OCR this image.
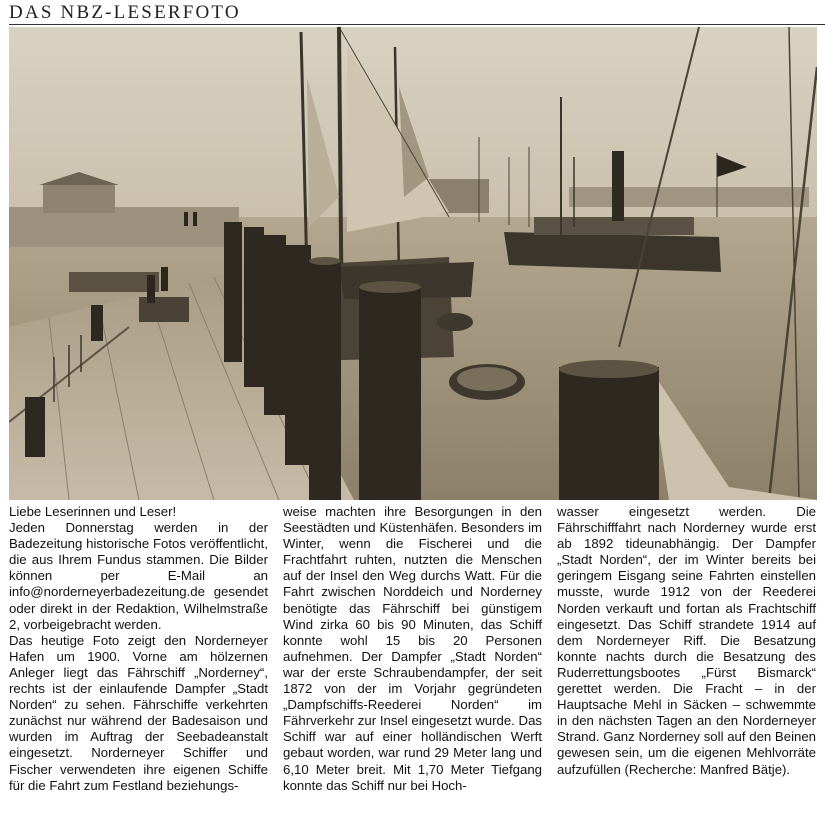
DAS NBZ-LESERFOTO

Liebe Leserinnen und Leser!

Jeden Donnerstag werden in der Badezeitung historische Fotos veröffentlicht, die aus Ihrem Fundus stammen. Die Bilder können per E-Mail an info@norderneyerbadezeitung.de gesendet oder direkt in der Redaktion, Wilhelmstraße 2, vorbeigebracht werden.

Das heutige Foto zeigt den Norderneyer Hafen um 1900. Vorne am hölzernen Anleger liegt das Fährschiff „Norderney“, rechts ist der einlaufende Dampfer „Stadt Norden“ zu sehen. Fährschiffe verkehrten zunächst nur während der Badesaison und wurden im Auftrag der Seebadeanstalt eingesetzt. Norderneyer Schiffer und Fischer verwendeten ihre eigenen Schiffe für die Fahrt zum Festland beziehungs-

weise machten ihre Besorgungen in den Seestädten und Küstenhäfen. Besonders im Winter, wenn die Fischerei und die Frachtfahrt ruhten, nutzten die Menschen auf der Insel den Weg durchs Watt. Für die Fahrt zwischen Norddeich und Norderney benötigte das Fährschiff bei günstigem Wind zirka 60 bis 90 Minuten, das Schiff konnte wohl 15 bis 20 Personen aufnehmen. Der Dampfer „Stadt Norden“ war der erste Schraubendampfer, der seit 1872 von der im Vorjahr gegründeten „Dampfschiffs-Reederei Norden“ im Fährverkehr zur Insel eingesetzt wurde. Das Schiff war auf einer holländischen Werft gebaut worden, war rund 29 Meter lang und 6,10 Meter breit. Mit 1,70 Meter Tiefgang konnte das Schiff nur bei Hoch-

wasser eingesetzt werden. Die Fährschifffahrt nach Norderney wurde erst ab 1892 tideunabhängig. Der Dampfer „Stadt Norden“, der im Winter bereits bei geringem Eisgang seine Fahrten einstellen musste, wurde 1912 von der Reederei Norden verkauft und fortan als Frachtschiff eingesetzt. Das Schiff strandete 1914 auf dem Norderneyer Riff. Die Besatzung konnte nachts durch die Besatzung des Ruderrettungsbootes „Fürst Bismarck“ gerettet werden. Die Fracht – in der Hauptsache Mehl in Säcken – schwemmte in den nächsten Tagen an den Norderneyer Strand. Ganz Norderney soll auf den Beinen gewesen sein, um die eigenen Mehlvorräte aufzufüllen (Recherche: Manfred Bätje).
